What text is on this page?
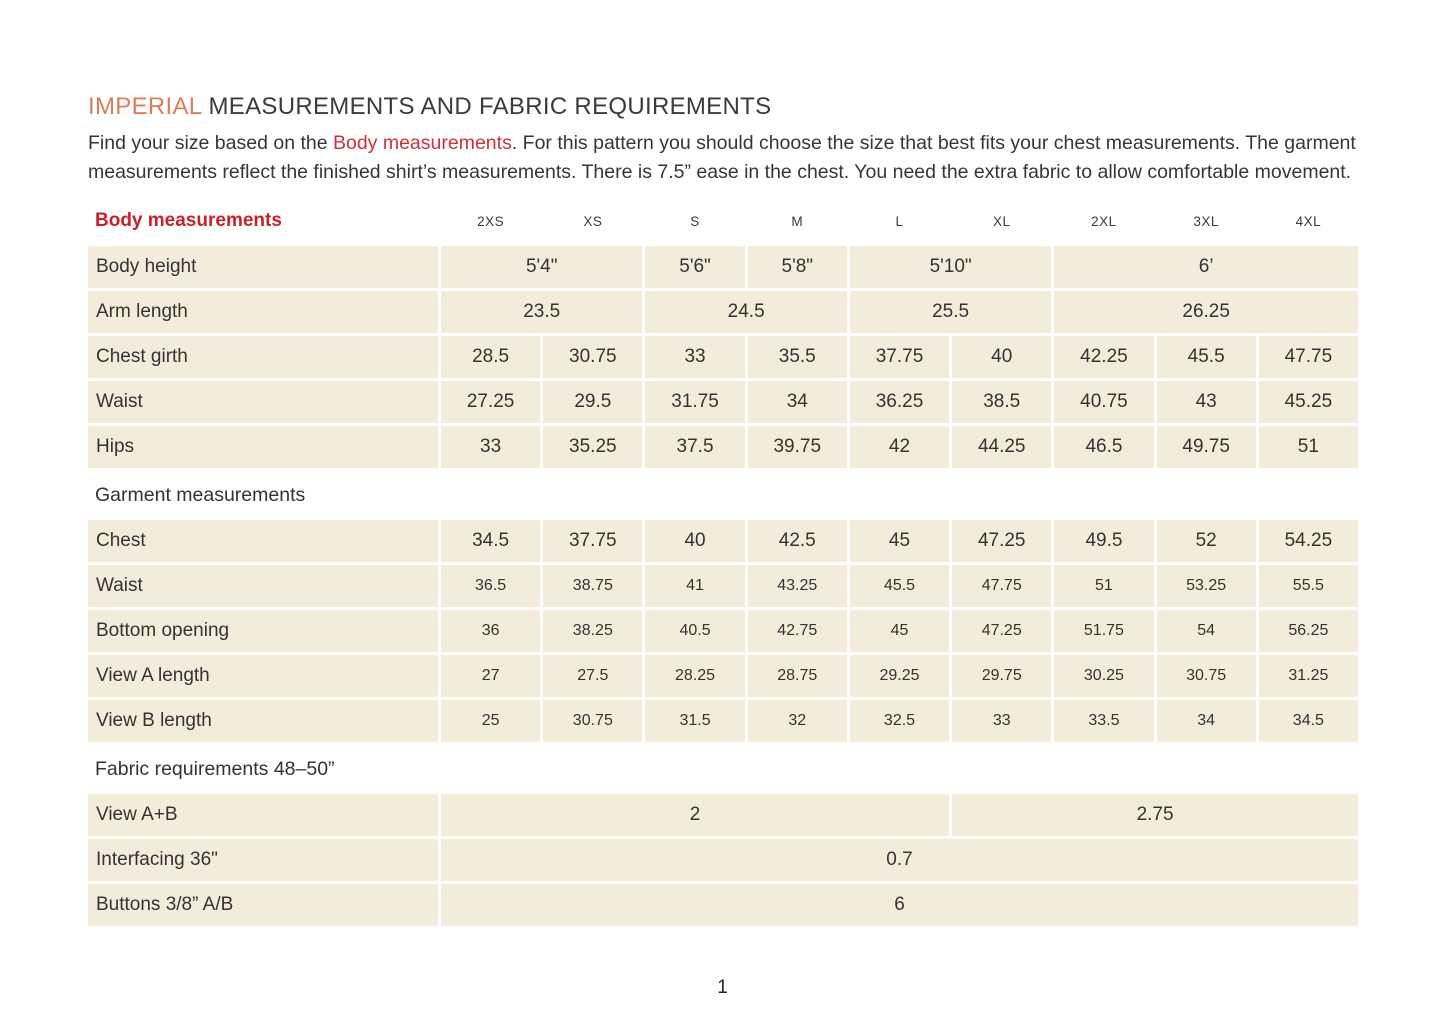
IMPERIAL MEASUREMENTS AND FABRIC REQUIREMENTS
Find your size based on the Body measurements. For this pattern you should choose the size that best fits your chest measurements. The garment measurements reflect the finished shirt’s measurements. There is 7.5” ease in the chest. You need the extra fabric to allow comfortable movement.
Body measurements	2XS	XS	S	M	L	XL	2XL	3XL	4XL
Body height	5'4"	5'6"	5'8"	5'10"	6’
Arm length	23.5	24.5	25.5	26.25
Chest girth	28.5	30.75	33	35.5	37.75	40	42.25	45.5	47.75
Waist	27.25	29.5	31.75	34	36.25	38.5	40.75	43	45.25
Hips	33	35.25	37.5	39.75	42	44.25	46.5	49.75	51
Garment measurements
Chest	34.5	37.75	40	42.5	45	47.25	49.5	52	54.25
Waist	36.5	38.75	41	43.25	45.5	47.75	51	53.25	55.5
Bottom opening	36	38.25	40.5	42.75	45	47.25	51.75	54	56.25
View A length	27	27.5	28.25	28.75	29.25	29.75	30.25	30.75	31.25
View B length	25	30.75	31.5	32	32.5	33	33.5	34	34.5
Fabric requirements 48–50”
View A+B	2	2.75
Interfacing 36"	0.7
Buttons 3/8” A/B	6
1
